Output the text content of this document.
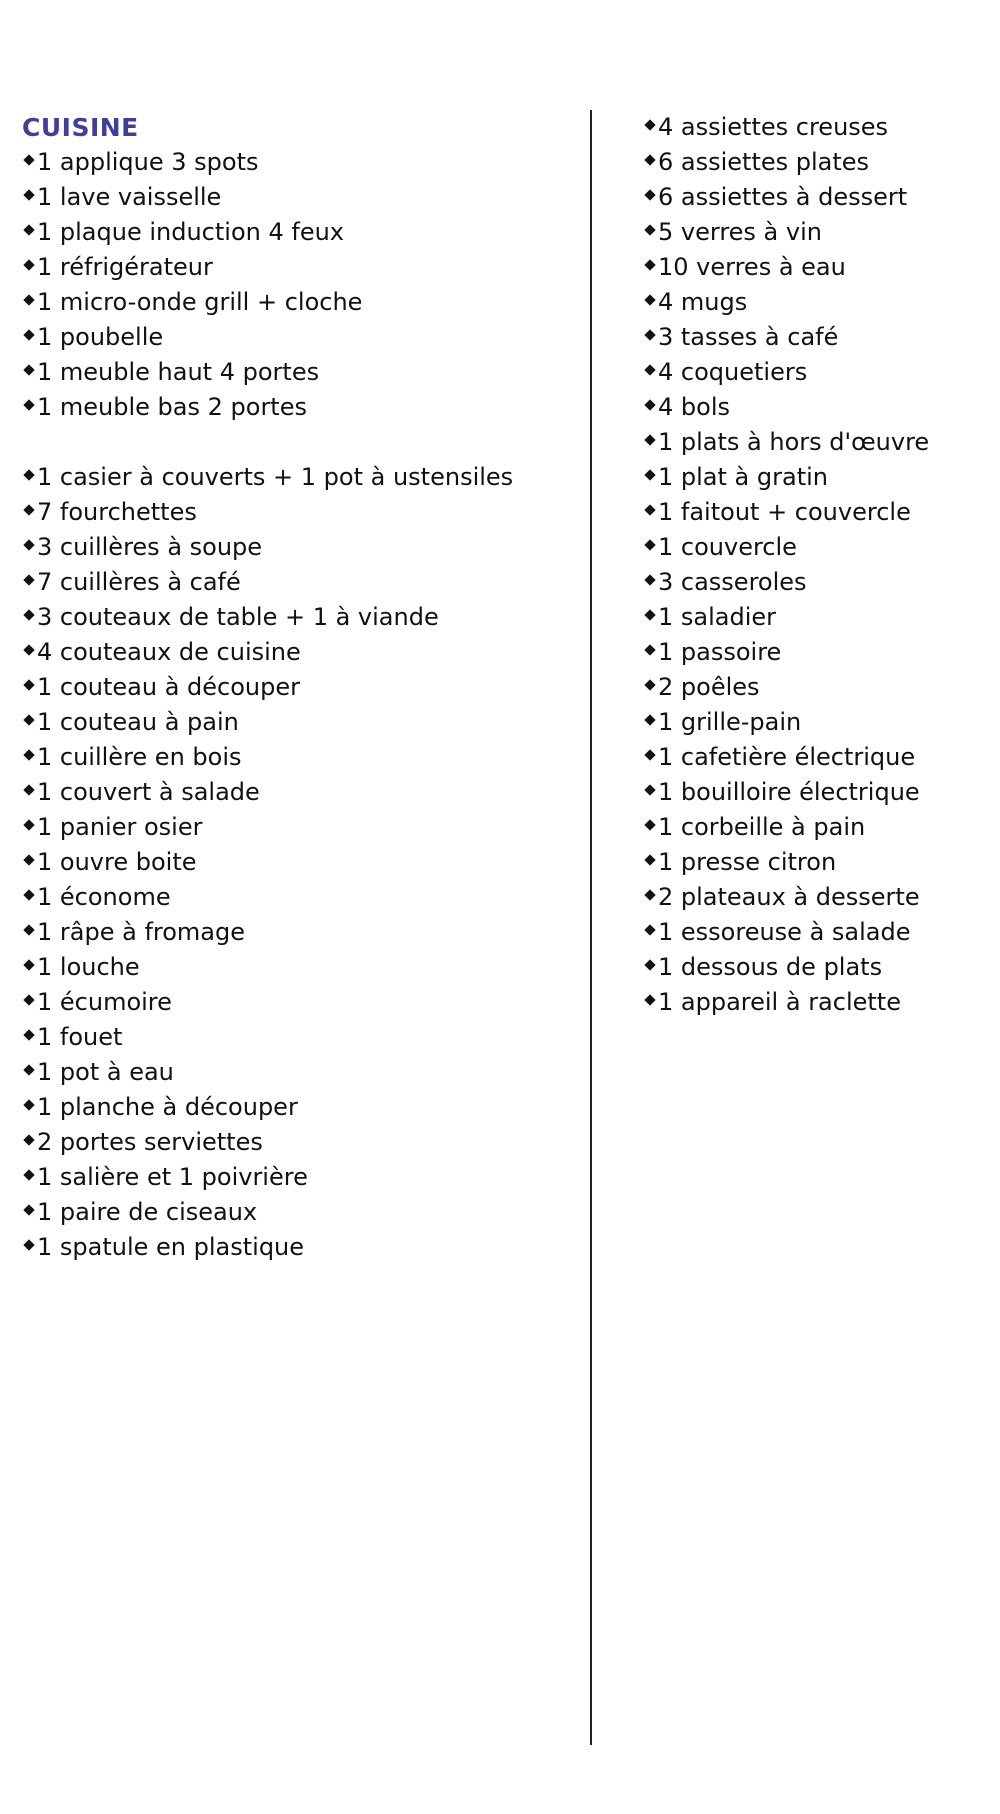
CUISINE
1 applique 3 spots
1 lave vaisselle
1 plaque induction 4 feux
1 réfrigérateur
1 micro-onde grill + cloche
1 poubelle
1 meuble haut 4 portes
1 meuble bas 2 portes
1 casier à couverts + 1 pot à ustensiles
7 fourchettes
3 cuillères à soupe
7 cuillères à café
3 couteaux de table + 1 à viande
4 couteaux de cuisine
1 couteau à découper
1 couteau à pain
1 cuillère en bois
1 couvert à salade
1 panier osier
1 ouvre boite
1 économe
1 râpe à fromage
1 louche
1 écumoire
1 fouet
1 pot à eau
1 planche à découper
2 portes serviettes
1 salière et 1 poivrière
1 paire de ciseaux
1 spatule en plastique
4 assiettes creuses
6 assiettes plates
6 assiettes à dessert
5 verres à vin
10 verres à eau
4 mugs
3 tasses à café
4 coquetiers
4 bols
1 plats à hors d'œuvre
1 plat à gratin
1 faitout + couvercle
1 couvercle
3 casseroles
1 saladier
1 passoire
2 poêles
1 grille-pain
1 cafetière électrique
1 bouilloire électrique
1 corbeille à pain
1 presse citron
2 plateaux à desserte
1 essoreuse à salade
1 dessous de plats
1 appareil à raclette
